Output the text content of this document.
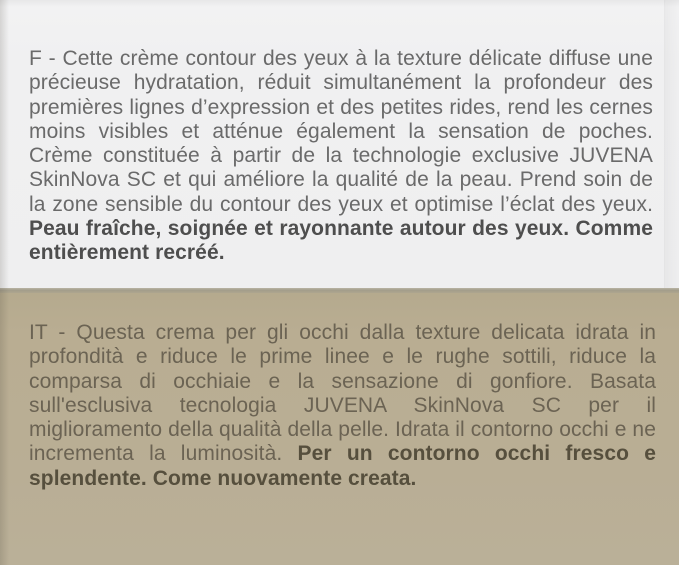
F - Cette crème contour des yeux à la texture délicate diffuse une précieuse hydratation, réduit simultanément la profondeur des premières lignes d’expression et des petites rides, rend les cernes moins visibles et atténue également la sensation de poches. Crème constituée à partir de la technologie exclusive JUVENA SkinNova SC et qui améliore la qualité de la peau. Prend soin de la zone sensible du contour des yeux et optimise l’éclat des yeux. Peau fraîche, soignée et rayonnante autour des yeux. Comme entièrement recréé.

IT - Questa crema per gli occhi dalla texture delicata idrata in profondità e riduce le prime linee e le rughe sottili, riduce la comparsa di occhiaie e la sensazione di gonfiore. Basata sull'esclusiva tecnologia JUVENA SkinNova SC per il miglioramento della qualità della pelle. Idrata il contorno occhi e ne incrementa la luminosità. Per un contorno occhi fresco e splendente. Come nuovamente creata.
